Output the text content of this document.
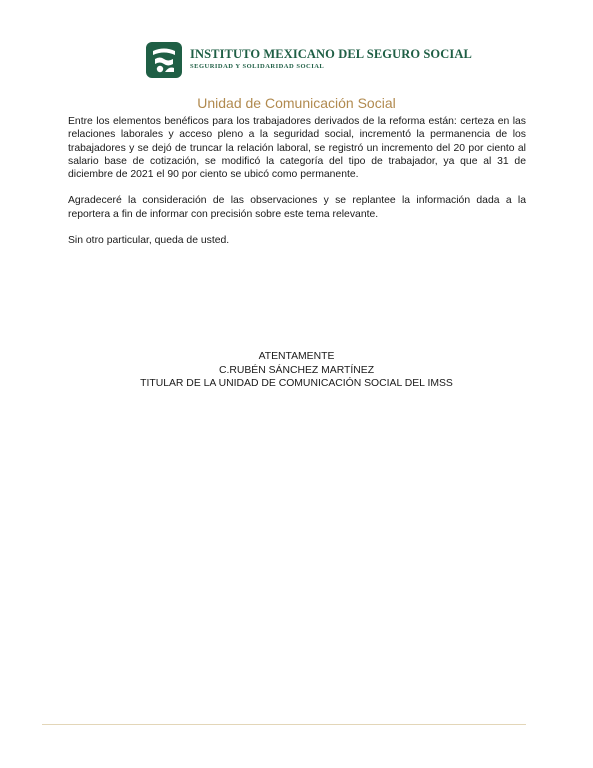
INSTITUTO MEXICANO DEL SEGURO SOCIAL
SEGURIDAD Y SOLIDARIDAD SOCIAL
Unidad de Comunicación Social

Entre los elementos benéficos para los trabajadores derivados de la reforma están: certeza en las relaciones laborales y acceso pleno a la seguridad social, incrementó la permanencia de los trabajadores y se dejó de truncar la relación laboral, se registró un incremento del 20 por ciento al salario base de cotización, se modificó la categoría del tipo de trabajador, ya que al 31 de diciembre de 2021 el 90 por ciento se ubicó como permanente.

Agradeceré la consideración de las observaciones y se replantee la información dada a la reportera a fin de informar con precisión sobre este tema relevante.

Sin otro particular, queda de usted.

ATENTAMENTE
C.RUBÉN SÁNCHEZ MARTÍNEZ
TITULAR DE LA UNIDAD DE COMUNICACIÓN SOCIAL DEL IMSS
